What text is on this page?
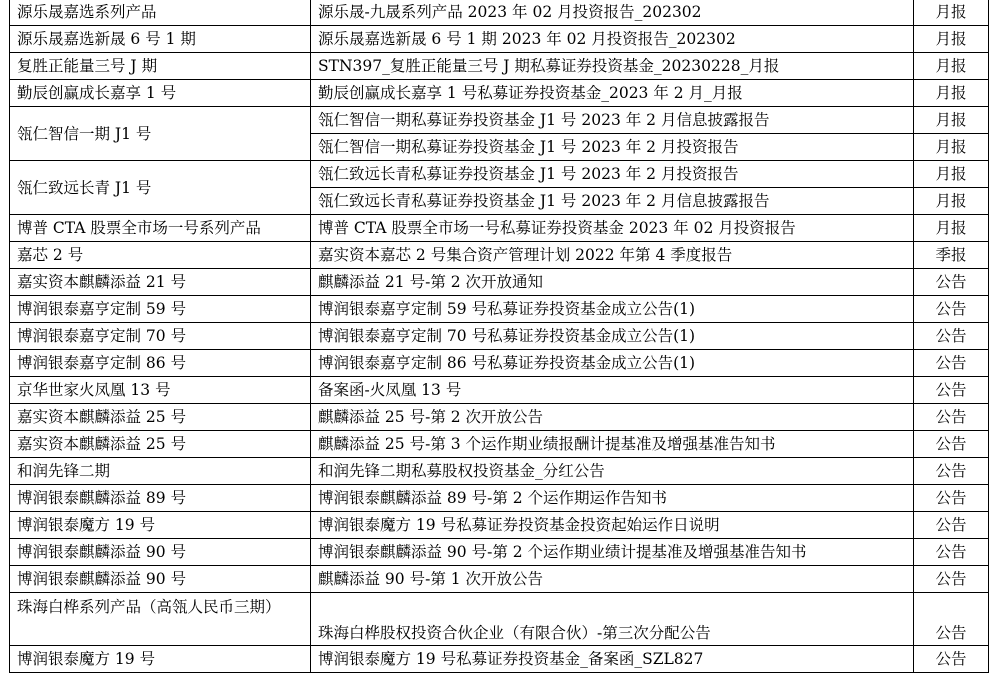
源乐晟嘉选系列产品	源乐晟-九晟系列产品 2023 年 02 月投资报告_202302	月报
源乐晟嘉选新晟 6 号 1 期	源乐晟嘉选新晟 6 号 1 期 2023 年 02 月投资报告_202302	月报
复胜正能量三号 J 期	STN397_复胜正能量三号 J 期私募证券投资基金_20230228_月报	月报
勤辰创赢成长嘉享 1 号	勤辰创赢成长嘉享 1 号私募证券投资基金_2023 年 2 月_月报	月报
瓴仁智信一期 J1 号	瓴仁智信一期私募证券投资基金 J1 号 2023 年 2 月信息披露报告	月报
	瓴仁智信一期私募证券投资基金 J1 号 2023 年 2 月投资报告	月报
瓴仁致远长青 J1 号	瓴仁致远长青私募证券投资基金 J1 号 2023 年 2 月投资报告	月报
	瓴仁致远长青私募证券投资基金 J1 号 2023 年 2 月信息披露报告	月报
博普 CTA 股票全市场一号系列产品	博普 CTA 股票全市场一号私募证券投资基金 2023 年 02 月投资报告	月报
嘉芯 2 号	嘉实资本嘉芯 2 号集合资产管理计划 2022 年第 4 季度报告	季报
嘉实资本麒麟添益 21 号	麒麟添益 21 号-第 2 次开放通知	公告
博润银泰嘉亨定制 59 号	博润银泰嘉亨定制 59 号私募证券投资基金成立公告(1)	公告
博润银泰嘉亨定制 70 号	博润银泰嘉亨定制 70 号私募证券投资基金成立公告(1)	公告
博润银泰嘉亨定制 86 号	博润银泰嘉亨定制 86 号私募证券投资基金成立公告(1)	公告
京华世家火凤凰 13 号	备案函-火凤凰 13 号	公告
嘉实资本麒麟添益 25 号	麒麟添益 25 号-第 2 次开放公告	公告
嘉实资本麒麟添益 25 号	麒麟添益 25 号-第 3 个运作期业绩报酬计提基准及增强基准告知书	公告
和润先锋二期	和润先锋二期私募股权投资基金_分红公告	公告
博润银泰麒麟添益 89 号	博润银泰麒麟添益 89 号-第 2 个运作期运作告知书	公告
博润银泰魔方 19 号	博润银泰魔方 19 号私募证券投资基金投资起始运作日说明	公告
博润银泰麒麟添益 90 号	博润银泰麒麟添益 90 号-第 2 个运作期业绩计提基准及增强基准告知书	公告
博润银泰麒麟添益 90 号	麒麟添益 90 号-第 1 次开放公告	公告
珠海白桦系列产品（高瓴人民币三期）	珠海白桦股权投资合伙企业（有限合伙）-第三次分配公告	公告
博润银泰魔方 19 号	博润银泰魔方 19 号私募证券投资基金_备案函_SZL827	公告
